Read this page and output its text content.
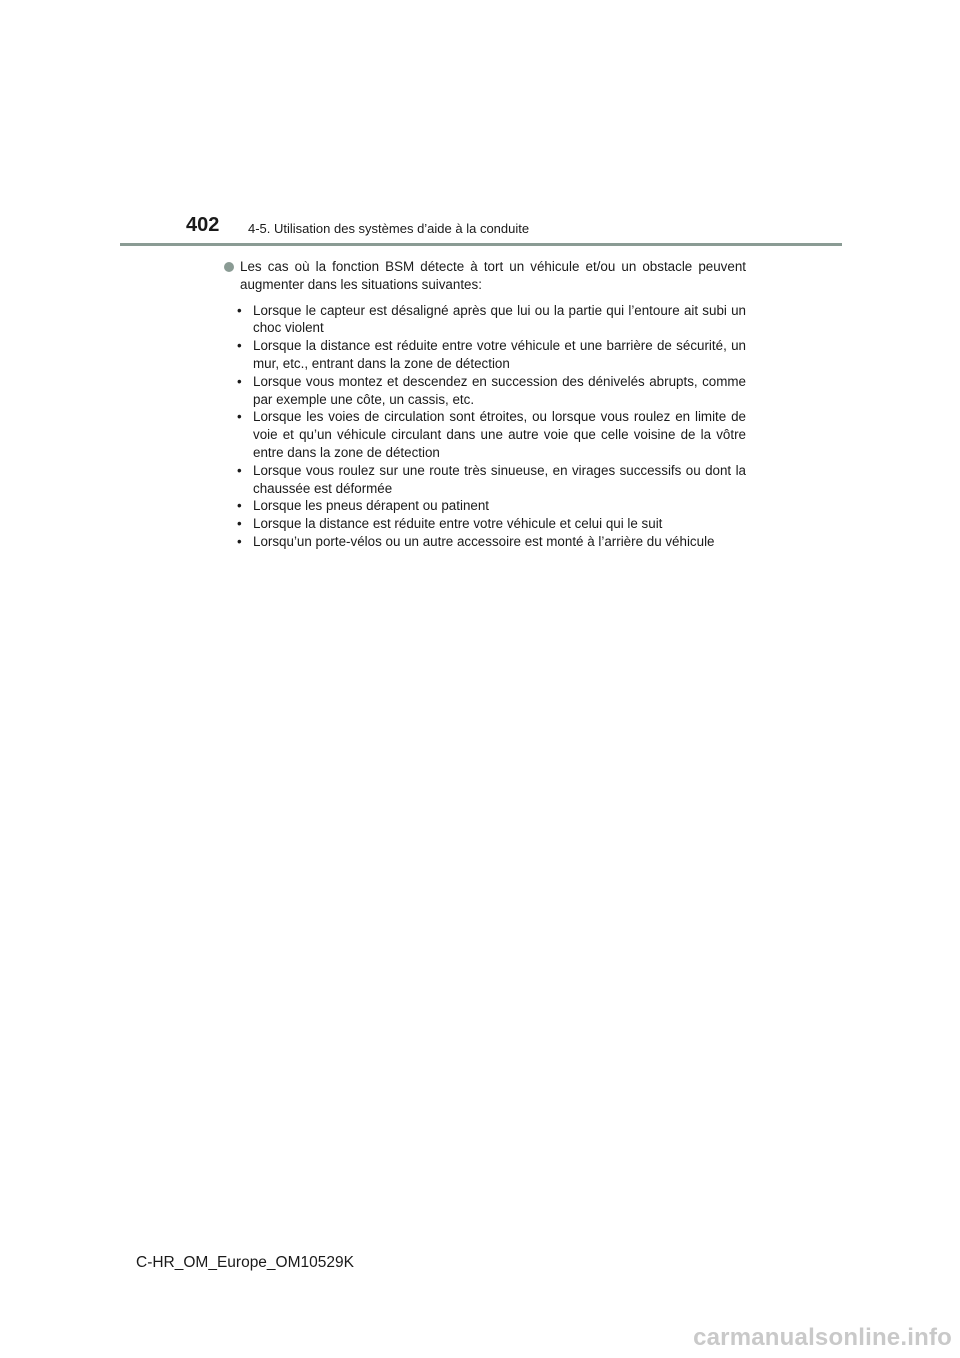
402 4-5. Utilisation des systèmes d’aide à la conduite
Les cas où la fonction BSM détecte à tort un véhicule et/ou un obstacle peuvent augmenter dans les situations suivantes:
• Lorsque le capteur est désaligné après que lui ou la partie qui l’entoure ait subi un choc violent
• Lorsque la distance est réduite entre votre véhicule et une barrière de sécurité, un mur, etc., entrant dans la zone de détection
• Lorsque vous montez et descendez en succession des dénivelés abrupts, comme par exemple une côte, un cassis, etc.
• Lorsque les voies de circulation sont étroites, ou lorsque vous roulez en limite de voie et qu’un véhicule circulant dans une autre voie que celle voisine de la vôtre entre dans la zone de détection
• Lorsque vous roulez sur une route très sinueuse, en virages successifs ou dont la chaussée est déformée
• Lorsque les pneus dérapent ou patinent
• Lorsque la distance est réduite entre votre véhicule et celui qui le suit
• Lorsqu’un porte-vélos ou un autre accessoire est monté à l’arrière du véhicule
C-HR_OM_Europe_OM10529K
carmanualsonline.info
